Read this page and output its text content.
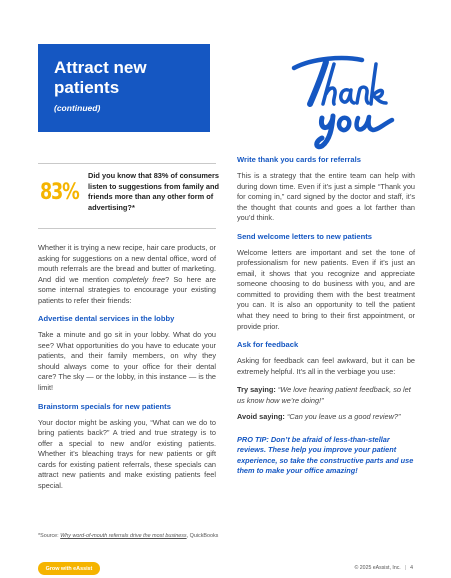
Attract new patients
(continued)
83%
Did you know that 83% of consumers listen to suggestions from family and friends more than any other form of advertising?*

Whether it is trying a new recipe, hair care products, or asking for suggestions on a new dental office, word of mouth referrals are the bread and butter of marketing. And did we mention completely free? So here are some internal strategies to encourage your existing patients to refer their friends:

Advertise dental services in the lobby

Take a minute and go sit in your lobby. What do you see? What opportunities do you have to educate your patients, and their family members, on why they should always come to your office for their dental care? The sky — or the lobby, in this instance — is the limit!

Brainstorm specials for new patients

Your doctor might be asking you, “What can we do to bring patients back?” A tried and true strategy is to offer a special to new and/or existing patients. Whether it’s bleaching trays for new patients or gift cards for existing patient referrals, these specials can attract new patients and make existing patients feel special.

Write thank you cards for referrals

This is a strategy that the entire team can help with during down time. Even if it’s just a simple “Thank you for coming in,” card signed by the doctor and staff, it’s the thought that counts and goes a lot farther than you’d think.

Send welcome letters to new patients

Welcome letters are important and set the tone of professionalism for new patients. Even if it’s just an email, it shows that you recognize and appreciate someone choosing to do business with you, and are committed to providing them with the best treatment you can. It is also an opportunity to tell the patient what they need to bring to their first appointment, or provide prior.

Ask for feedback

Asking for feedback can feel awkward, but it can be extremely helpful. It’s all in the verbiage you use:

Try saying: “We love hearing patient feedback, so let us know how we’re doing!”
Avoid saying: “Can you leave us a good review?”
PRO TIP: Don’t be afraid of less-than-stellar reviews. These help you improve your patient experience, so take the constructive parts and use them to make your office amazing!
*Source: Why word-of-mouth referrals drive the most business, QuickBooks
Grow with eAssist	© 2025 eAssist, Inc. | 4
